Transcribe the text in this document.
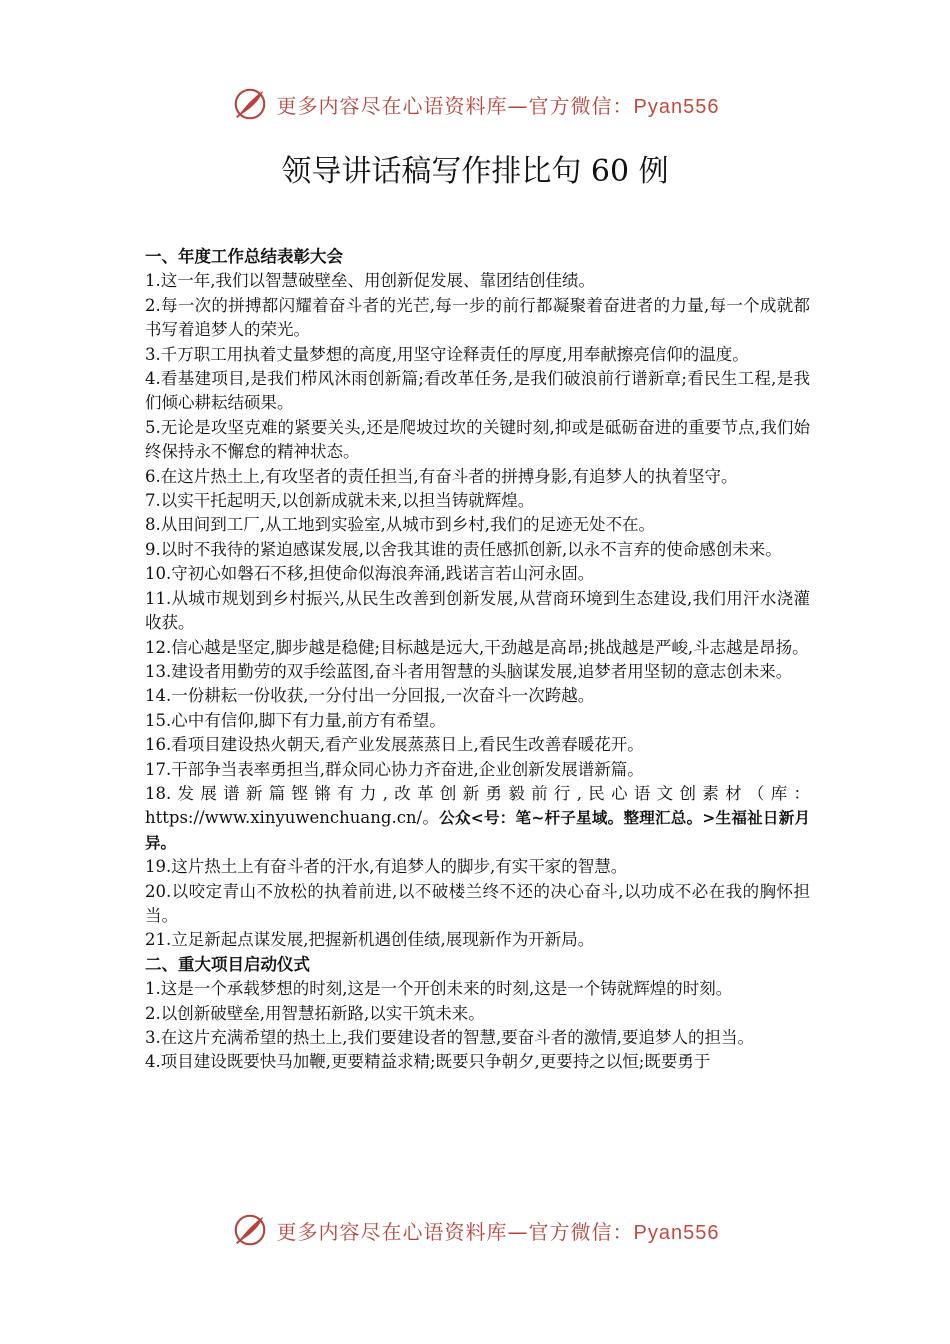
更多内容尽在心语资料库—官方微信：Pyan556
领导讲话稿写作排比句 60 例

一、年度工作总结表彰大会

1.这一年,我们以智慧破壁垒、用创新促发展、靠团结创佳绩。

2.每一次的拼搏都闪耀着奋斗者的光芒,每一步的前行都凝聚着奋进者的力量,每一个成就都书写着追梦人的荣光。

3.千万职工用执着丈量梦想的高度,用坚守诠释责任的厚度,用奉献擦亮信仰的温度。

4.看基建项目,是我们栉风沐雨创新篇;看改革任务,是我们破浪前行谱新章;看民生工程,是我们倾心耕耘结硕果。

5.无论是攻坚克难的紧要关头,还是爬坡过坎的关键时刻,抑或是砥砺奋进的重要节点,我们始终保持永不懈怠的精神状态。

6.在这片热土上,有攻坚者的责任担当,有奋斗者的拼搏身影,有追梦人的执着坚守。

7.以实干托起明天,以创新成就未来,以担当铸就辉煌。

8.从田间到工厂,从工地到实验室,从城市到乡村,我们的足迹无处不在。

9.以时不我待的紧迫感谋发展,以舍我其谁的责任感抓创新,以永不言弃的使命感创未来。

10.守初心如磐石不移,担使命似海浪奔涌,践诺言若山河永固。

11.从城市规划到乡村振兴,从民生改善到创新发展,从营商环境到生态建设,我们用汗水浇灌收获。

12.信心越是坚定,脚步越是稳健;目标越是远大,干劲越是高昂;挑战越是严峻,斗志越是昂扬。

13.建设者用勤劳的双手绘蓝图,奋斗者用智慧的头脑谋发展,追梦者用坚韧的意志创未来。

14.一份耕耘一份收获,一分付出一分回报,一次奋斗一次跨越。

15.心中有信仰,脚下有力量,前方有希望。

16.看项目建设热火朝天,看产业发展蒸蒸日上,看民生改善春暖花开。

17.干部争当表率勇担当,群众同心协力齐奋进,企业创新发展谱新篇。

18.发展谱新篇铿锵有力,改革创新勇毅前行,民心语文创素材（库：https://www.xinyuwenchuang.cn/。公众<号：笔~杆子星域。整理汇总。>生福祉日新月异。

19.这片热土上有奋斗者的汗水,有追梦人的脚步,有实干家的智慧。

20.以咬定青山不放松的执着前进,以不破楼兰终不还的决心奋斗,以功成不必在我的胸怀担当。

21.立足新起点谋发展,把握新机遇创佳绩,展现新作为开新局。

二、重大项目启动仪式

1.这是一个承载梦想的时刻,这是一个开创未来的时刻,这是一个铸就辉煌的时刻。

2.以创新破壁垒,用智慧拓新路,以实干筑未来。

3.在这片充满希望的热土上,我们要建设者的智慧,要奋斗者的激情,要追梦人的担当。

4.项目建设既要快马加鞭,更要精益求精;既要只争朝夕,更要持之以恒;既要勇于

更多内容尽在心语资料库—官方微信：Pyan556
